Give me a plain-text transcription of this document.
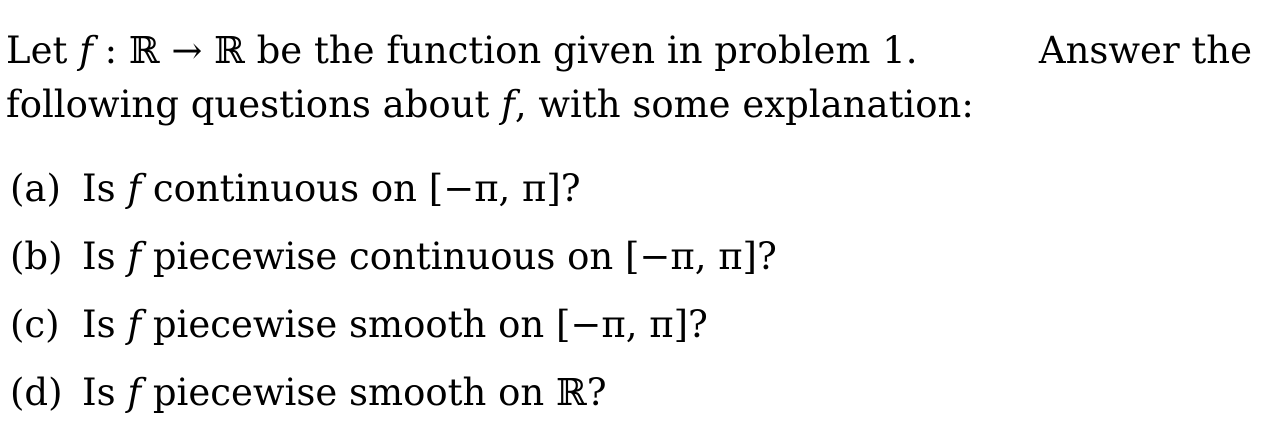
Let f : ℝ → ℝ be the function given in problem 1.	Answer the
following questions about f, with some explanation:
(a) Is f continuous on [−π, π]?
(b) Is f piecewise continuous on [−π, π]?
(c) Is f piecewise smooth on [−π, π]?
(d) Is f piecewise smooth on ℝ?
